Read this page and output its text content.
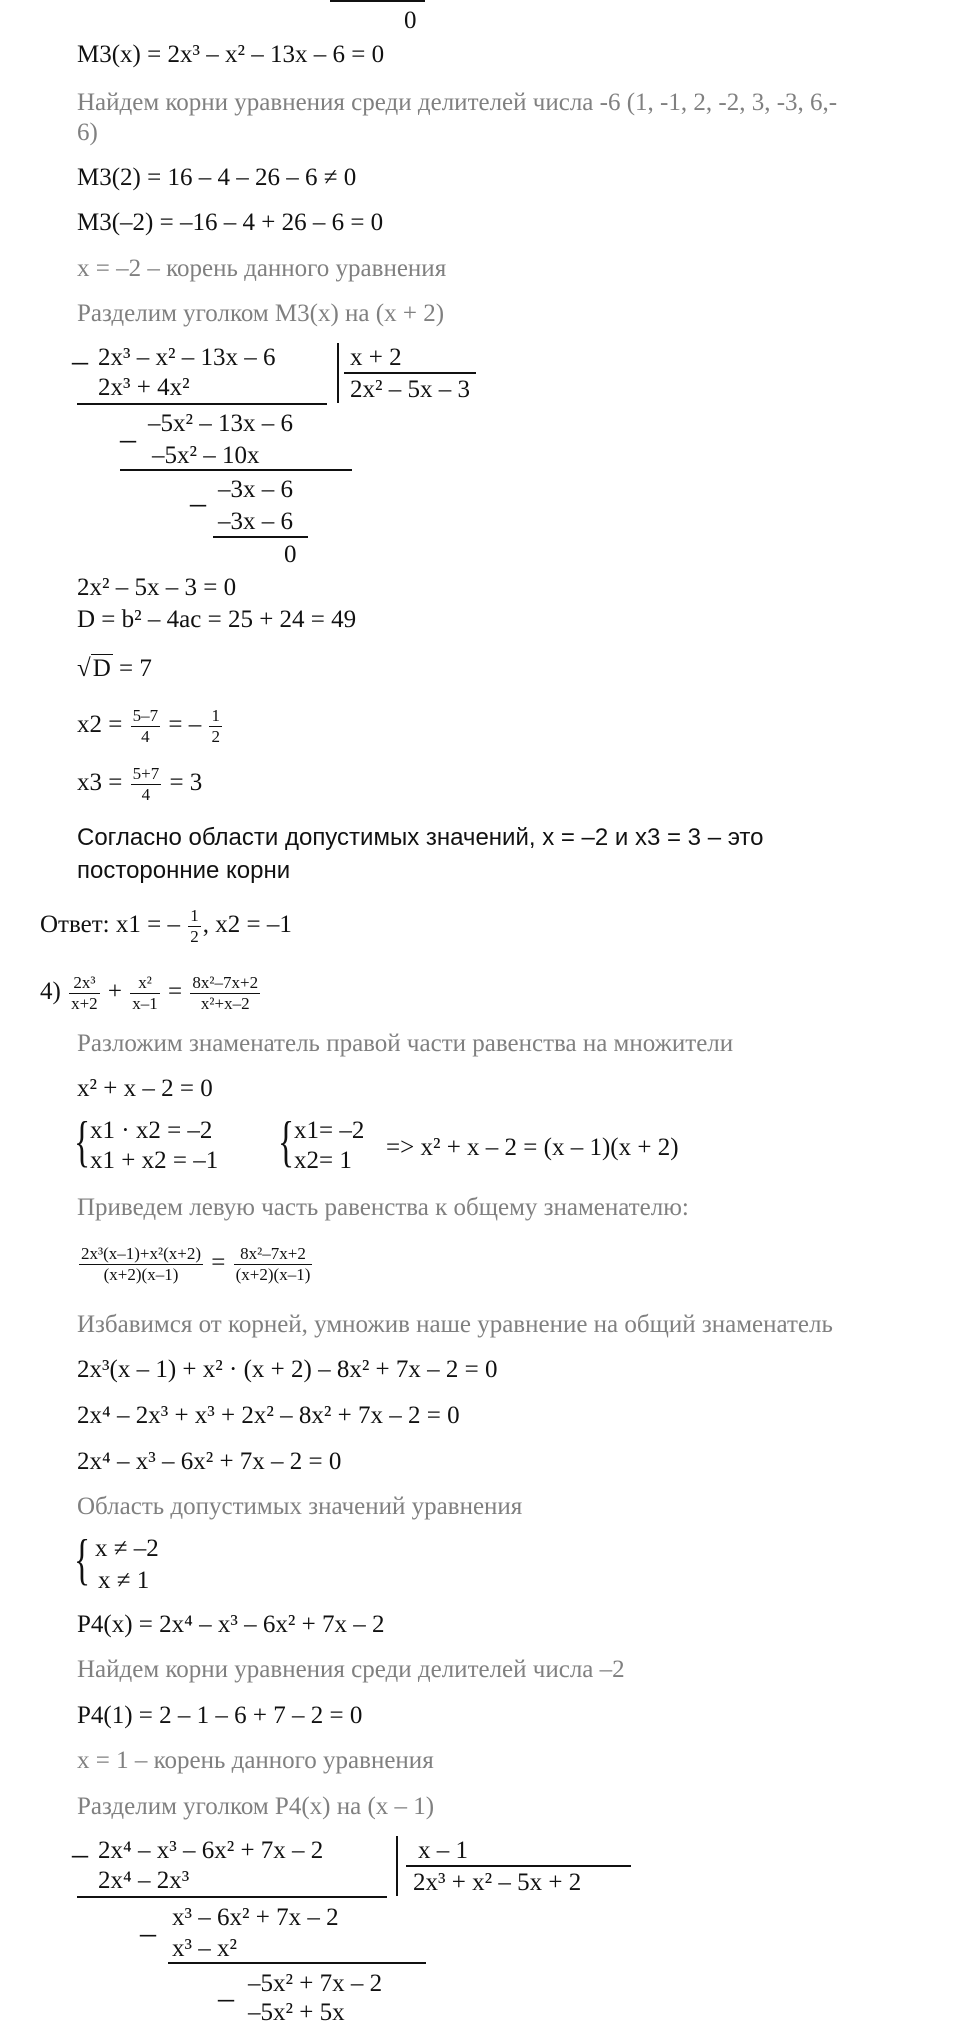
0
M3(x) = 2x³ – x² – 13x – 6 = 0
Найдем корни уравнения среди делителей числа -6 (1, -1, 2, -2, 3, -3, 6,-
6)
M3(2) = 16 – 4 – 26 – 6 ≠ 0
M3(–2) = –16 – 4 + 26 – 6 = 0
x = –2 – корень данного уравнения
Разделим уголком M3(x) на (x + 2)
– 2x³ – x² – 13x – 6
2x³ + 4x²
x + 2
2x² – 5x – 3
– –5x² – 13x – 6
–5x² – 10x
– –3x – 6
–3x – 6
0
2x² – 5x – 3 = 0
D = b² – 4ac = 25 + 24 = 49
√D = 7
$x2 = \frac{5-7}{4}$ = – $\frac{1}{2}$
$x3 = \frac{5+7}{4} = 3$
Согласно области допустимых значений, x = –2 и x3 = 3 – это
посторонние корни
Ответ: x1 = – $\frac{1}{2}$ , x2 = –1
$4) \frac{\text{2x³}}{x+2} + \frac{\text{x²}}{x-1} = \frac{\text{8x²–7x+2}}{\text{x²+x–2}}$
Разложим знаменатель правой части равенства на множители
x² + x – 2 = 0
{ x1 · x2 = –2
x1 + x2 = –1 { x1= –2
x2= 1 => x² + x – 2 = (x – 1)(x + 2)
Приведем левую часть равенства к общему знаменателю:
$\frac{\text{2x³(x–1)+x²(x+2)}}{(x+2)(x-1)} = \frac{\text{8x²–7x+2}}{(x+2)(x-1)}$
Избавимся от корней, умножив наше уравнение на общий знаменатель
2x³(x – 1) + x² · (x + 2) – 8x² + 7x – 2 = 0
2x⁴ – 2x³ + x³ + 2x² – 8x² + 7x – 2 = 0
2x⁴ – x³ – 6x² + 7x – 2 = 0
Область допустимых значений уравнения
{ x ≠ –2
x ≠ 1
P4(x) = 2x⁴ – x³ – 6x² + 7x – 2
Найдем корни уравнения среди делителей числа –2
P4(1) = 2 – 1 – 6 + 7 – 2 = 0
x = 1 – корень данного уравнения
Разделим уголком P4(x) на (x – 1)
– 2x⁴ – x³ – 6x² + 7x – 2
2x⁴ – 2x³
x – 1
2x³ + x² – 5x + 2
– x³ – 6x² + 7x – 2
x³ – x²
– –5x² + 7x – 2
–5x² + 5x
